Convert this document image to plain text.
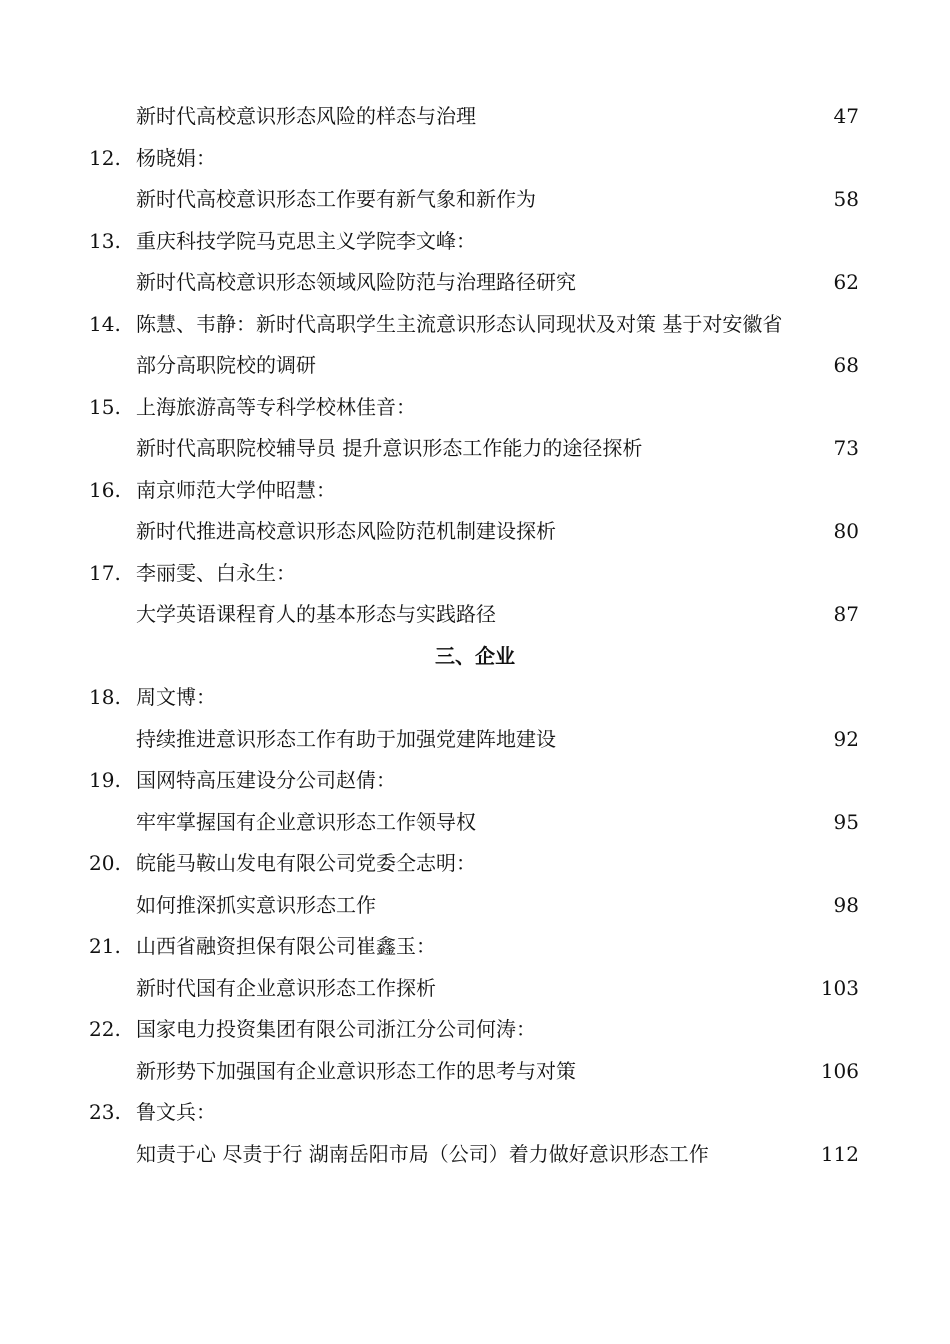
新时代高校意识形态风险的样态与治理	47
12. 杨晓娟：
新时代高校意识形态工作要有新气象和新作为	58
13. 重庆科技学院马克思主义学院李文峰：
新时代高校意识形态领域风险防范与治理路径研究	62
14. 陈慧、韦静：新时代高职学生主流意识形态认同现状及对策 基于对安徽省
部分高职院校的调研	68
15. 上海旅游高等专科学校林佳音：
新时代高职院校辅导员 提升意识形态工作能力的途径探析	73
16. 南京师范大学仲昭慧：
新时代推进高校意识形态风险防范机制建设探析	80
17. 李丽雯、白永生：
大学英语课程育人的基本形态与实践路径	87
三、企业
18. 周文博：
持续推进意识形态工作有助于加强党建阵地建设	92
19. 国网特高压建设分公司赵倩：
牢牢掌握国有企业意识形态工作领导权	95
20. 皖能马鞍山发电有限公司党委仝志明：
如何推深抓实意识形态工作	98
21. 山西省融资担保有限公司崔鑫玉：
新时代国有企业意识形态工作探析	103
22. 国家电力投资集团有限公司浙江分公司何涛：
新形势下加强国有企业意识形态工作的思考与对策	106
23. 鲁文兵：
知责于心 尽责于行 湖南岳阳市局（公司）着力做好意识形态工作	112
